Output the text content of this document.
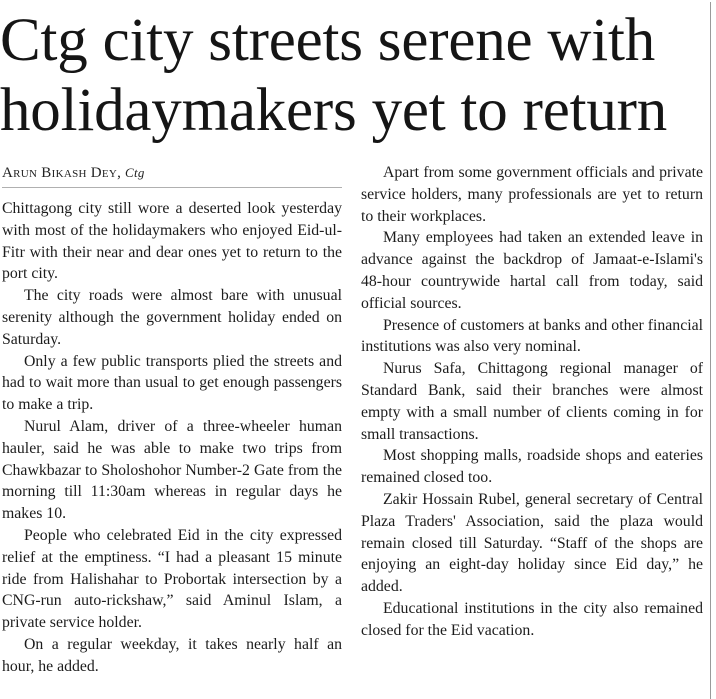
Ctg city streets serene with
holidaymakers yet to return
Arun Bikash Dey, Ctg

Chittagong city still wore a deserted look yesterday with most of the holidaymakers who enjoyed Eid-ul-Fitr with their near and dear ones yet to return to the port city.

The city roads were almost bare with unusual serenity although the government holiday ended on Saturday.

Only a few public transports plied the streets and had to wait more than usual to get enough passengers to make a trip.

Nurul Alam, driver of a three-wheeler human hauler, said he was able to make two trips from Chawkbazar to Sholoshohor Number-2 Gate from the morning till 11:30am whereas in regular days he makes 10.

People who celebrated Eid in the city expressed relief at the emptiness. “I had a pleasant 15 minute ride from Halishahar to Probortak intersection by a CNG-run auto-rickshaw,” said Aminul Islam, a private service holder.

On a regular weekday, it takes nearly half an hour, he added.

Apart from some government officials and private service holders, many professionals are yet to return to their workplaces.

Many employees had taken an extended leave in advance against the backdrop of Jamaat-e-Islami's 48-hour countrywide hartal call from today, said official sources.

Presence of customers at banks and other financial institutions was also very nominal.

Nurus Safa, Chittagong regional manager of Standard Bank, said their branches were almost empty with a small number of clients coming in for small transactions.

Most shopping malls, roadside shops and eateries remained closed too.

Zakir Hossain Rubel, general secretary of Central Plaza Traders' Association, said the plaza would remain closed till Saturday. “Staff of the shops are enjoying an eight-day holiday since Eid day,” he added.

Educational institutions in the city also remained closed for the Eid vacation.
